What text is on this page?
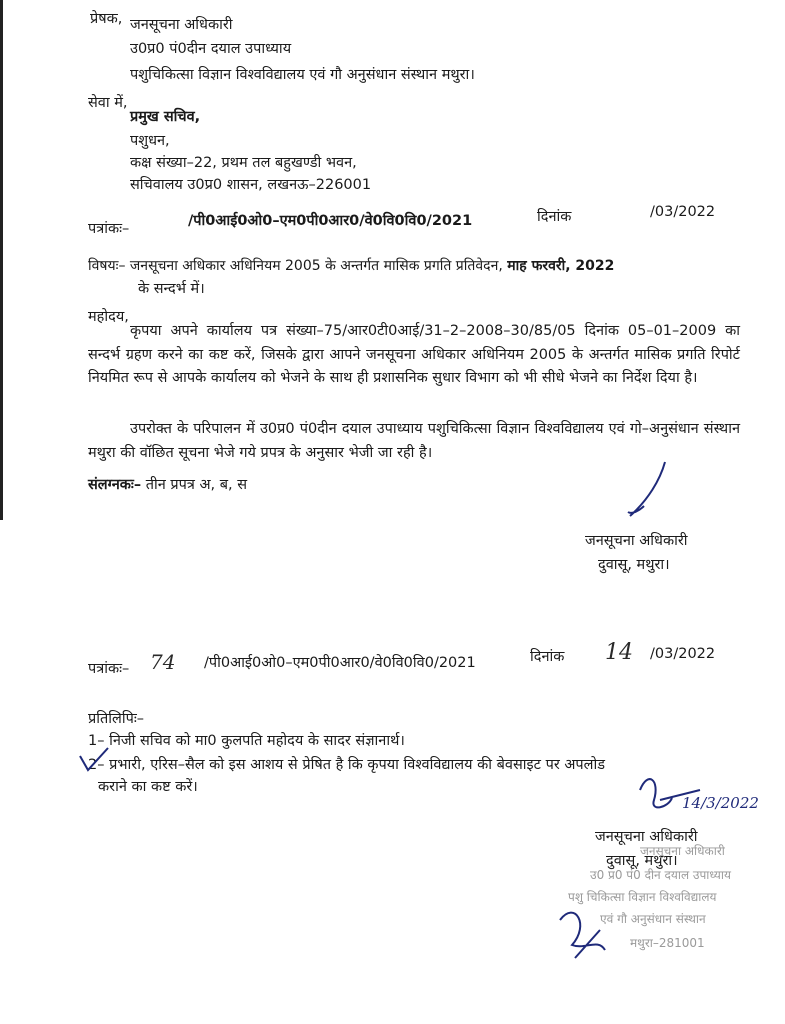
प्रेषक, जनसूचना अधिकारी
उ0प्र0 पं0दीन दयाल उपाध्याय
पशुचिकित्सा विज्ञान विश्वविद्यालय एवं गौ अनुसंधान संस्थान मथुरा।
सेवा में,
प्रमुख सचिव,
पशुधन,
कक्ष संख्या–22, प्रथम तल बहुखण्डी भवन,
सचिवालय उ0प्र0 शासन, लखनऊ–226001
पत्रांकः–	/पी0आई0ओ0–एम0पी0आर0/वे0वि0वि0/2021	दिनांक	/03/2022
विषयः– जनसूचना अधिकार अधिनियम 2005 के अन्तर्गत मासिक प्रगति प्रतिवेदन, माह फरवरी, 2022
के सन्दर्भ में।
महोदय,
कृपया अपने कार्यालय पत्र संख्या–75/आर0टी0आई/31–2–2008–30/85/05 दिनांक 05–01–2009 का सन्दर्भ ग्रहण करने का कष्ट करें, जिसके द्वारा आपने जनसूचना अधिकार अधिनियम 2005 के अन्तर्गत मासिक प्रगति रिपोर्ट नियमित रूप से आपके कार्यालय को भेजने के साथ ही प्रशासनिक सुधार विभाग को भी सीधे भेजने का निर्देश दिया है।
उपरोक्त के परिपालन में उ0प्र0 पं0दीन दयाल उपाध्याय पशुचिकित्सा विज्ञान विश्वविद्यालय एवं गो–अनुसंधान संस्थान मथुरा की वॉछित सूचना भेजे गये प्रपत्र के अनुसार भेजी जा रही है।
संलग्नकः– तीन प्रपत्र अ, ब, स
जनसूचना अधिकारी
दुवासू, मथुरा।
पत्रांकः– 74 /पी0आई0ओ0–एम0पी0आर0/वे0वि0वि0/2021	दिनांक 14 /03/2022
प्रतिलिपिः–
1– निजी सचिव को मा0 कुलपति महोदय के सादर संज्ञानार्थ।
2– प्रभारी, एरिस–सैल को इस आशय से प्रेषित है कि कृपया विश्वविद्यालय की बेवसाइट पर अपलोड
कराने का कष्ट करें।
14/3/2022
जनसूचना अधिकारी
दुवासू, मथुरा।
जनसूचना अधिकारी
उ0 प्र0 पं0 दीन दयाल उपाध्याय
पशु चिकित्सा विज्ञान विश्वविद्यालय
एवं गौ अनुसंधान संस्थान
मथुरा–281001
